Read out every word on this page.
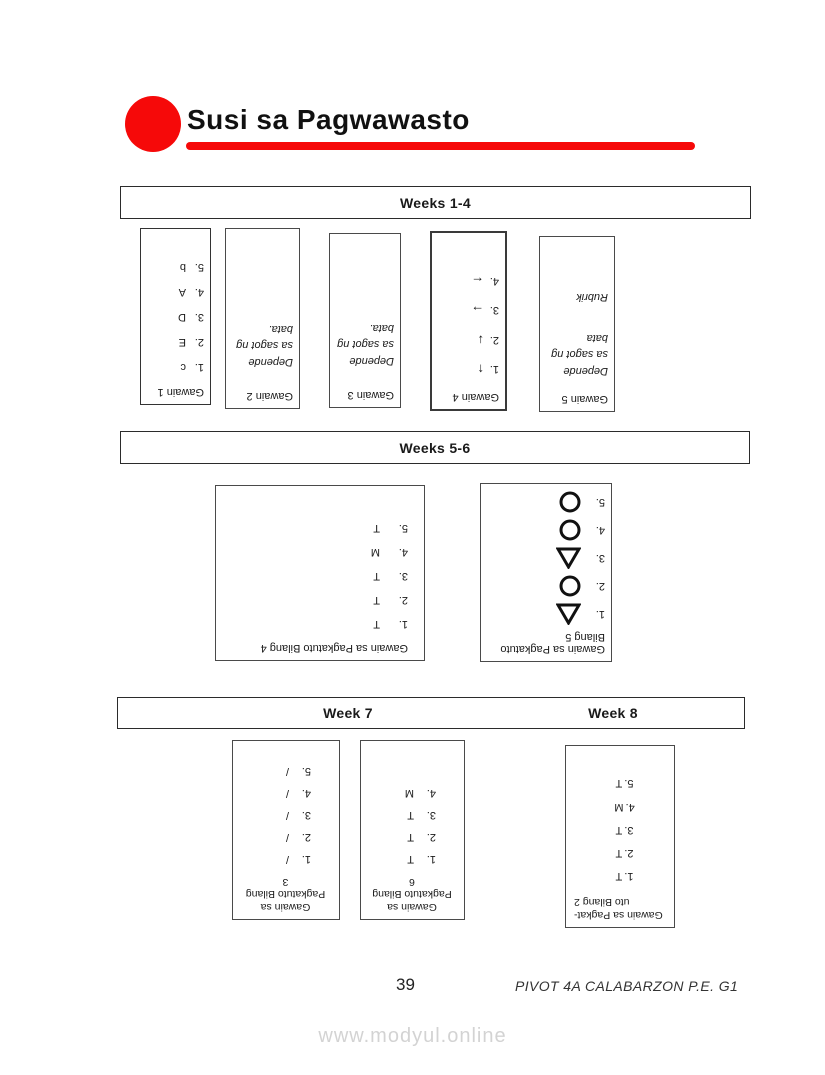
Susi sa Pagwawasto
Weeks 1-4
Gawain 1
1.
c
2.
E
3.
D
4.
A
5.
b
Gawain 2
Depende
sa sagot ng
bata.
Gawain 3
Depende
sa sagot ng
bata.
Gawain 4
1.
↑
2.
↓
3.
→
4.
←
Gawain 5
Depende
sa sagot ng
bata
Rubrik
Weeks 5-6
Gawain sa Pagkatuto Bilang 4
1.
T
2.
T
3.
T
4.
M
5.
T
Gawain sa Pagkatuto
Bilang 5
1.
2.
3.
4.
5.
Week 7	Week 8
Gawain sa
Pagkatuto Bilang
3
1.
/
2.
/
3.
/
4.
/
5.
/
Gawain sa
Pagkatuto Bilang
6
1.
T
2.
T
3.
T
4.
M
Gawain sa Pagkat-
uto Bilang 2
1.
T
2.
T
3.
T
4.
M
5.
T
39	PIVOT 4A CALABARZON P.E. G1
www.modyul.online
